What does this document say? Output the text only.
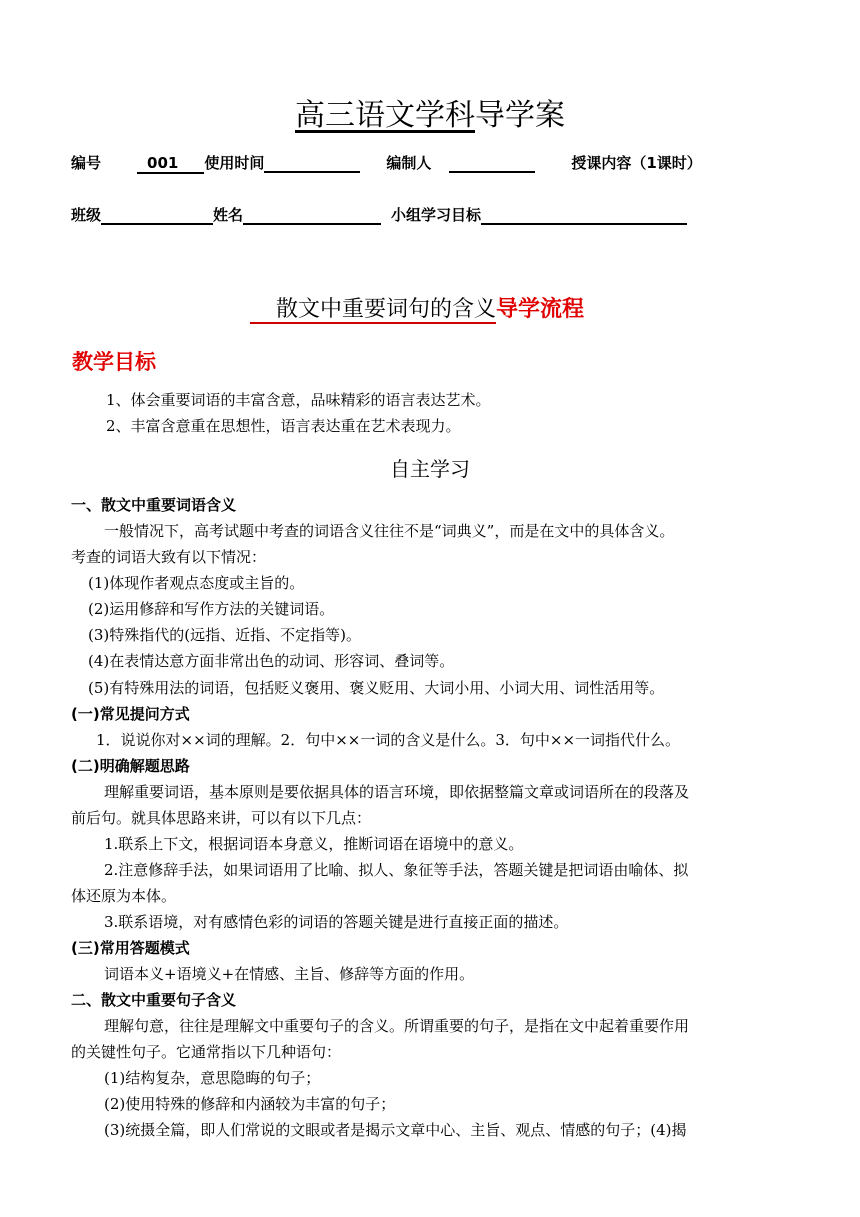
高三语文学科导学案
编号	001 使用时间	编制人	授课内容（1课时）
班级	姓名	小组学习目标
散文中重要词句的含义导学流程
教学目标
1、体会重要词语的丰富含意，品味精彩的语言表达艺术。
2、丰富含意重在思想性，语言表达重在艺术表现力。
自主学习
一、散文中重要词语含义
一般情况下，高考试题中考查的词语含义往往不是“词典义”，而是在文中的具体含义。
考查的词语大致有以下情况：
(1)体现作者观点态度或主旨的。
(2)运用修辞和写作方法的关键词语。
(3)特殊指代的(远指、近指、不定指等)。
(4)在表情达意方面非常出色的动词、形容词、叠词等。
(5)有特殊用法的词语，包括贬义褒用、褒义贬用、大词小用、小词大用、词性活用等。
(一)常见提问方式
1．说说你对××词的理解。2．句中××一词的含义是什么。3．句中××一词指代什么。
(二)明确解题思路
理解重要词语，基本原则是要依据具体的语言环境，即依据整篇文章或词语所在的段落及
前后句。就具体思路来讲，可以有以下几点：
1.联系上下文，根据词语本身意义，推断词语在语境中的意义。
2.注意修辞手法，如果词语用了比喻、拟人、象征等手法，答题关键是把词语由喻体、拟
体还原为本体。
3.联系语境，对有感情色彩的词语的答题关键是进行直接正面的描述。
(三)常用答题模式
词语本义+语境义+在情感、主旨、修辞等方面的作用。
二、散文中重要句子含义
理解句意，往往是理解文中重要句子的含义。所谓重要的句子，是指在文中起着重要作用
的关键性句子。它通常指以下几种语句：
(1)结构复杂，意思隐晦的句子；
(2)使用特殊的修辞和内涵较为丰富的句子；
(3)统摄全篇，即人们常说的文眼或者是揭示文章中心、主旨、观点、情感的句子；(4)揭
